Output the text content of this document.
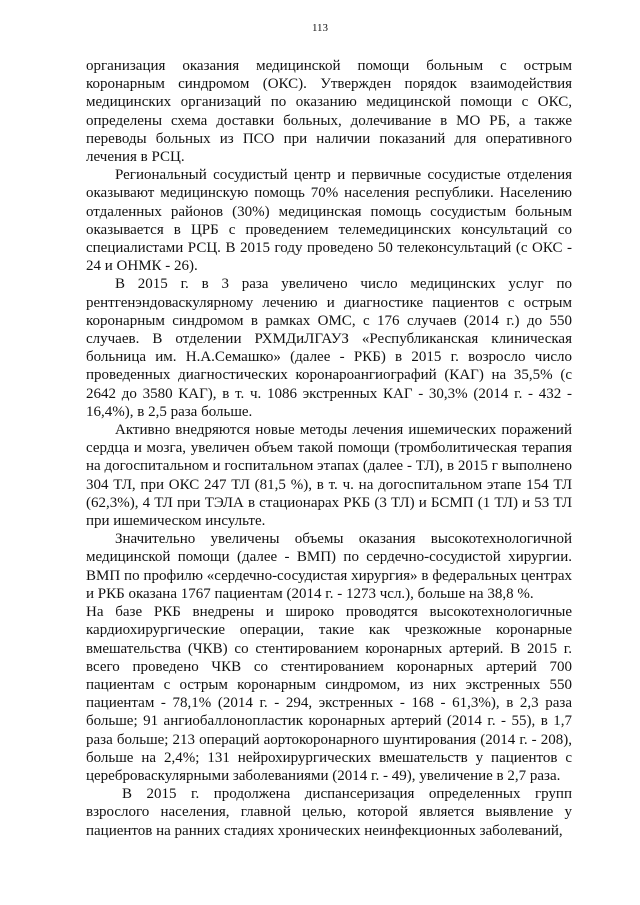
113

организация оказания медицинской помощи больным с острым коронарным синдромом (ОКС). Утвержден порядок взаимодействия медицинских организаций по оказанию медицинской помощи с ОКС, определены схема доставки больных, долечивание в МО РБ, а также переводы больных из ПСО при наличии показаний для оперативного лечения в РСЦ.

Региональный сосудистый центр и первичные сосудистые отделения оказывают медицинскую помощь 70% населения республики. Населению отдаленных районов (30%) медицинская помощь сосудистым больным оказывается в ЦРБ с проведением телемедицинских консультаций со специалистами РСЦ. В 2015 году проведено 50 телеконсультаций (с ОКС - 24 и ОНМК - 26).

В 2015 г. в 3 раза увеличено число медицинских услуг по рентгенэндоваскулярному лечению и диагностике пациентов с острым коронарным синдромом в рамках ОМС, с 176 случаев (2014 г.) до 550 случаев. В отделении РХМДиЛГАУЗ «Республиканская клиническая больница им. Н.А.Семашко» (далее - РКБ) в 2015 г. возросло число проведенных диагностических коронароангиографий (КАГ) на 35,5% (с 2642 до 3580 КАГ), в т. ч. 1086 экстренных КАГ - 30,3% (2014 г. - 432 - 16,4%), в 2,5 раза больше.

Активно внедряются новые методы лечения ишемических поражений сердца и мозга, увеличен объем такой помощи (тромболитическая терапия на догоспитальном и госпитальном этапах (далее - ТЛ), в 2015 г выполнено 304 ТЛ, при ОКС 247 ТЛ (81,5 %), в т. ч. на догоспитальном этапе 154 ТЛ (62,3%), 4 ТЛ при ТЭЛА в стационарах РКБ (3 ТЛ) и БСМП (1 ТЛ) и 53 ТЛ при ишемическом инсульте.

Значительно увеличены объемы оказания высокотехнологичной медицинской помощи (далее - ВМП) по сердечно-сосудистой хирургии. ВМП по профилю «сердечно-сосудистая хирургия» в федеральных центрах и РКБ оказана 1767 пациентам (2014 г. - 1273 чсл.), больше на 38,8 %.

На базе РКБ внедрены и широко проводятся высокотехнологичные кардиохирургические операции, такие как чрезкожные коронарные вмешательства (ЧКВ) со стентированием коронарных артерий. В 2015 г. всего проведено ЧКВ со стентированием коронарных артерий 700 пациентам с острым коронарным синдромом, из них экстренных 550 пациентам - 78,1% (2014 г. - 294, экстренных - 168 - 61,3%), в 2,3 раза больше; 91 ангиобаллонопластик коронарных артерий (2014 г. - 55), в 1,7 раза больше; 213 операций аортокоронарного шунтирования (2014 г. - 208), больше на 2,4%; 131 нейрохирургических вмешательств у пациентов с цереброваскулярными заболеваниями (2014 г. - 49), увеличение в 2,7 раза.

В 2015 г. продолжена диспансеризация определенных групп взрослого населения, главной целью, которой является выявление у пациентов на ранних стадиях хронических неинфекционных заболеваний,
